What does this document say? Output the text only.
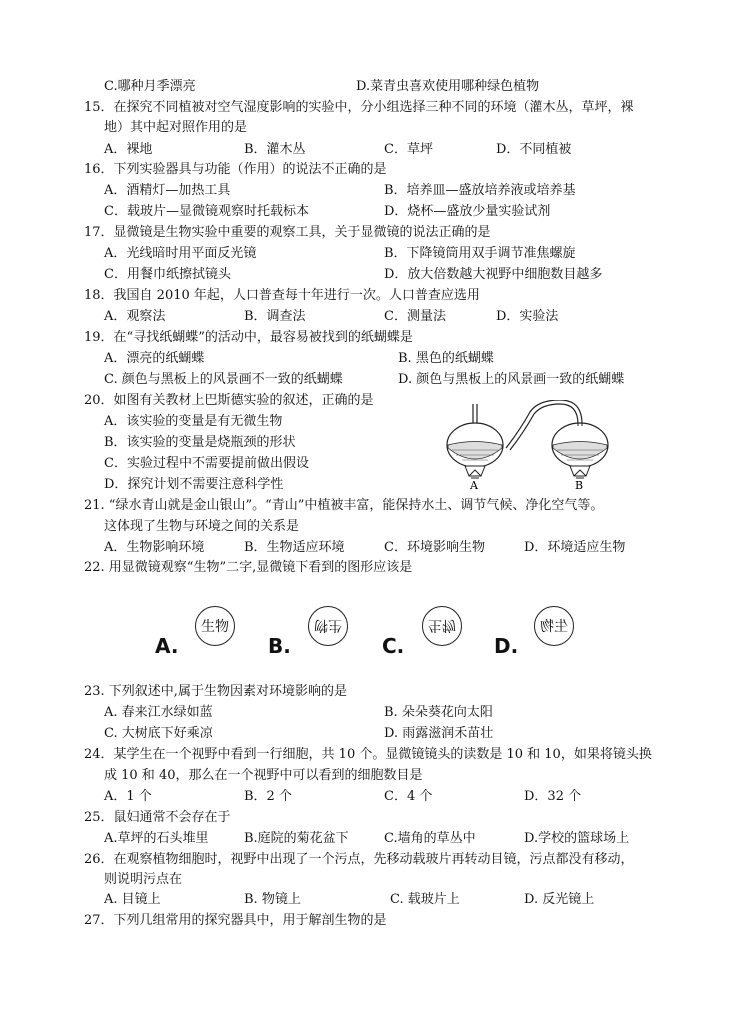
C.哪种月季漂亮	D.菜青虫喜欢使用哪种绿色植物
15．在探究不同植被对空气湿度影响的实验中，分小组选择三种不同的环境（灌木丛，草坪，裸
地）其中起对照作用的是
A．裸地	B．灌木丛	C．草坪	D．不同植被
16．下列实验器具与功能（作用）的说法不正确的是
A．酒精灯—加热工具	B．培养皿—盛放培养液或培养基
C．载玻片—显微镜观察时托载标本	D．烧杯—盛放少量实验试剂
17．显微镜是生物实验中重要的观察工具，关于显微镜的说法正确的是
A．光线暗时用平面反光镜	B．下降镜筒用双手调节准焦螺旋
C．用餐巾纸擦拭镜头	D．放大倍数越大视野中细胞数目越多
18．我国自 2010 年起，人口普查每十年进行一次。人口普查应选用
A．观察法	B．调查法	C．测量法	D．实验法
19．在“寻找纸蝴蝶”的活动中，最容易被找到的纸蝴蝶是
A．漂亮的纸蝴蝶	B. 黑色的纸蝴蝶
C. 颜色与黑板上的风景画不一致的纸蝴蝶	D. 颜色与黑板上的风景画一致的纸蝴蝶
20．如图有关教材上巴斯德实验的叙述，正确的是
A．该实验的变量是有无微生物
B．该实验的变量是烧瓶颈的形状
C．实验过程中不需要提前做出假设
D．探究计划不需要注意科学性
21. “绿水青山就是金山银山”。“青山”中植被丰富，能保持水土、调节气候、净化空气等。
这体现了生物与环境之间的关系是
A．生物影响环境	B．生物适应环境	C．环境影响生物	D．环境适应生物
22. 用显微镜观察“生物”二字,显微镜下看到的图形应该是
23. 下列叙述中,属于生物因素对环境影响的是
A. 春来江水绿如蓝	B. 朵朵葵花向太阳
C. 大树底下好乘凉	D. 雨露滋润禾苗壮
24．某学生在一个视野中看到一行细胞，共 10 个。显微镜镜头的读数是 10 和 10，如果将镜头换
成 10 和 40，那么在一个视野中可以看到的细胞数目是
A．1 个	B．2 个	C．4 个	D．32 个
25．鼠妇通常不会存在于
A.草坪的石头堆里	B.庭院的菊花盆下	C.墙角的草丛中	D.学校的篮球场上
26．在观察植物细胞时，视野中出现了一个污点，先移动载玻片再转动目镜，污点都没有移动，
则说明污点在
A. 目镜上	B. 物镜上	C. 载玻片上	D. 反光镜上
27．下列几组常用的探究器具中，用于解剖生物的是
A	B
A.
生物
B.
生物
C.
生物
D.
生物
